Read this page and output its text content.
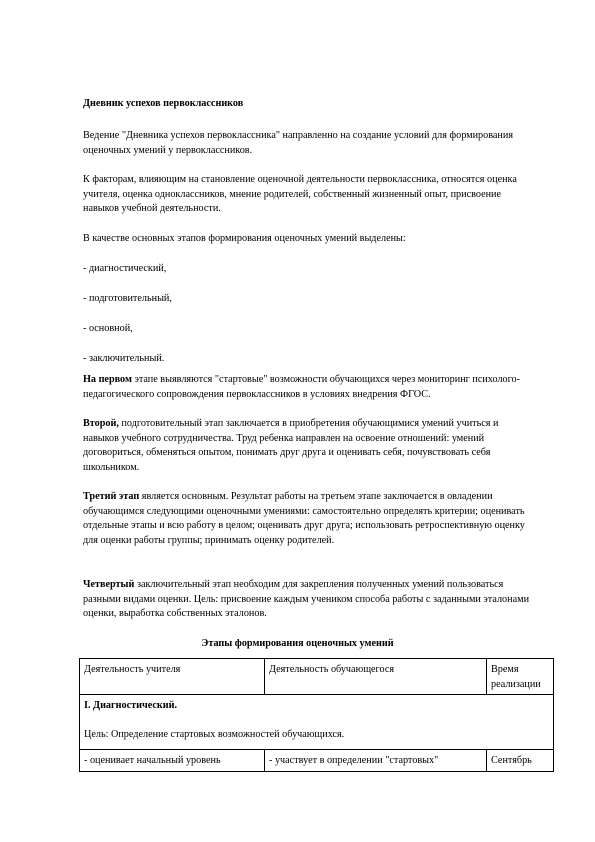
Дневник успехов первоклассников
Ведение "Дневника успехов первоклассника" направленно на создание условий для формирования оценочных умений у первоклассников.
К факторам, влияющим на становление оценочной деятельности первоклассника, относятся оценка учителя, оценка одноклассников, мнение родителей, собственный жизненный опыт, присвоение навыков учебной деятельности.
В качестве основных этапов формирования оценочных умений выделены:
- диагностический,
- подготовительный,
- основной,
- заключительный.
На первом этапе выявляются "стартовые" возможности обучающихся через мониторинг психолого-педагогического сопровождения первоклассников в условиях внедрения ФГОС.
Второй, подготовительный этап заключается в приобретения обучающимися умений учиться и навыков учебного сотрудничества. Труд ребенка направлен на освоение отношений: умений договориться, обменяться опытом, понимать друг друга и оценивать себя, почувствовать себя школьником.
Третий этап является основным. Результат работы на третьем этапе заключается в овладении обучающимся следующими оценочными умениями: самостоятельно определять критерии; оценивать отдельные этапы и всю работу в целом; оценивать друг друга; использовать ретроспективную оценку для оценки работы группы; принимать оценку родителей.
Четвертый заключительный этап необходим для закрепления полученных умений пользоваться разными видами оценки. Цель: присвоение каждым учеником способа работы с заданными эталонами оценки, выработка собственных эталонов.
Этапы формирования оценочных умений
Деятельность учителя	Деятельность обучающегося	Время реализации

I. Диагностический.
Цель: Определение стартовых возможностей обучающихся.		

- оценивает начальный уровень	- участвует в определении "стартовых"	Сентябрь
